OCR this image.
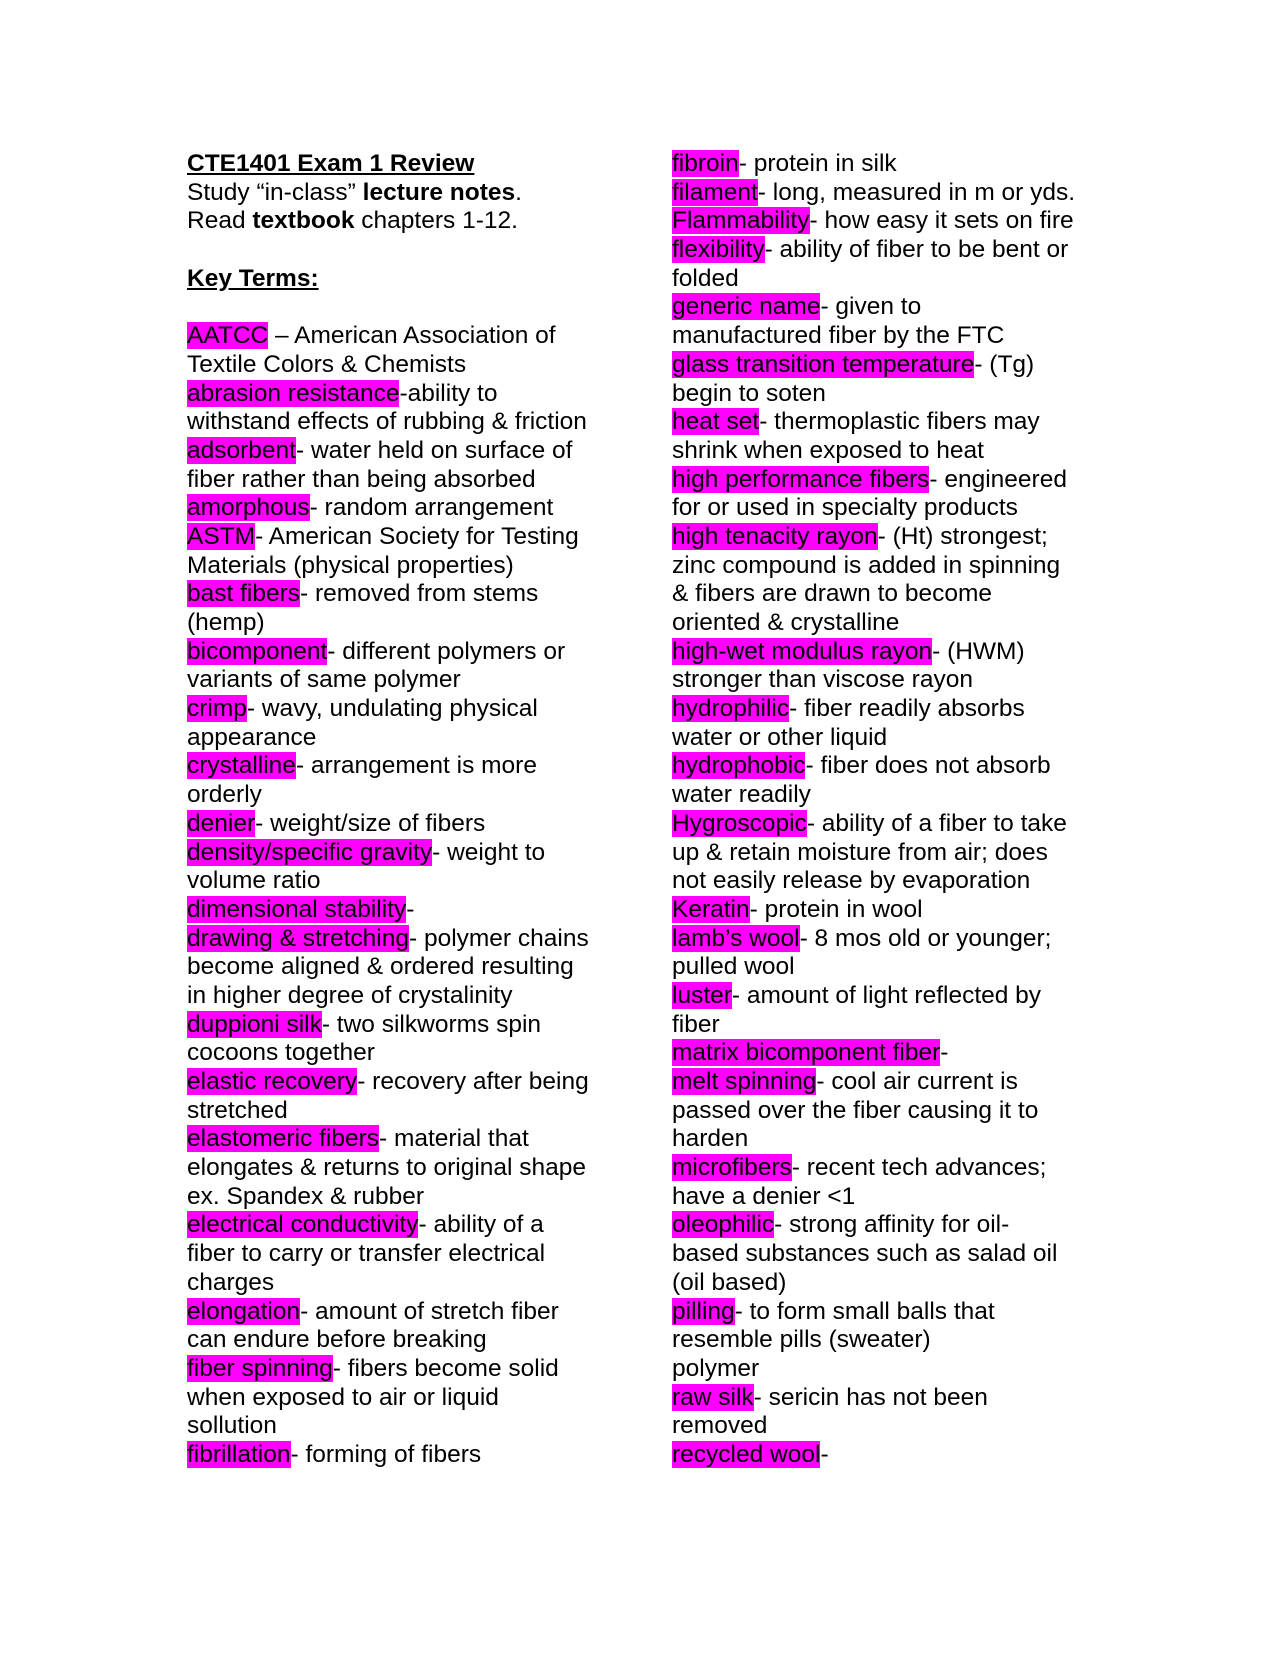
CTE1401 Exam 1 Review
Study “in-class” lecture notes.
Read textbook chapters 1-12.
Key Terms:
AATCC – American Association of
Textile Colors & Chemists
abrasion resistance-ability to
withstand effects of rubbing & friction
adsorbent- water held on surface of
fiber rather than being absorbed
amorphous- random arrangement
ASTM- American Society for Testing
Materials (physical properties)
bast fibers- removed from stems
(hemp)
bicomponent- different polymers or
variants of same polymer
crimp- wavy, undulating physical
appearance
crystalline- arrangement is more
orderly
denier- weight/size of fibers
density/specific gravity- weight to
volume ratio
dimensional stability-
drawing & stretching- polymer chains
become aligned & ordered resulting
in higher degree of crystalinity
duppioni silk- two silkworms spin
cocoons together
elastic recovery- recovery after being
stretched
elastomeric fibers- material that
elongates & returns to original shape
ex. Spandex & rubber
electrical conductivity- ability of a
fiber to carry or transfer electrical
charges
elongation- amount of stretch fiber
can endure before breaking
fiber spinning- fibers become solid
when exposed to air or liquid
sollution
fibrillation- forming of fibers
fibroin- protein in silk
filament- long, measured in m or yds.
Flammability- how easy it sets on fire
flexibility- ability of fiber to be bent or
folded
generic name- given to
manufactured fiber by the FTC
glass transition temperature- (Tg)
begin to soten
heat set- thermoplastic fibers may
shrink when exposed to heat
high performance fibers- engineered
for or used in specialty products
high tenacity rayon- (Ht) strongest;
zinc compound is added in spinning
& fibers are drawn to become
oriented & crystalline
high-wet modulus rayon- (HWM)
stronger than viscose rayon
hydrophilic- fiber readily absorbs
water or other liquid
hydrophobic- fiber does not absorb
water readily
Hygroscopic- ability of a fiber to take
up & retain moisture from air; does
not easily release by evaporation
Keratin- protein in wool
lamb’s wool- 8 mos old or younger;
pulled wool
luster- amount of light reflected by
fiber
matrix bicomponent fiber-
melt spinning- cool air current is
passed over the fiber causing it to
harden
microfibers- recent tech advances;
have a denier <1
oleophilic- strong affinity for oil-
based substances such as salad oil
(oil based)
pilling- to form small balls that
resemble pills (sweater)
polymer
raw silk- sericin has not been
removed
recycled wool-
